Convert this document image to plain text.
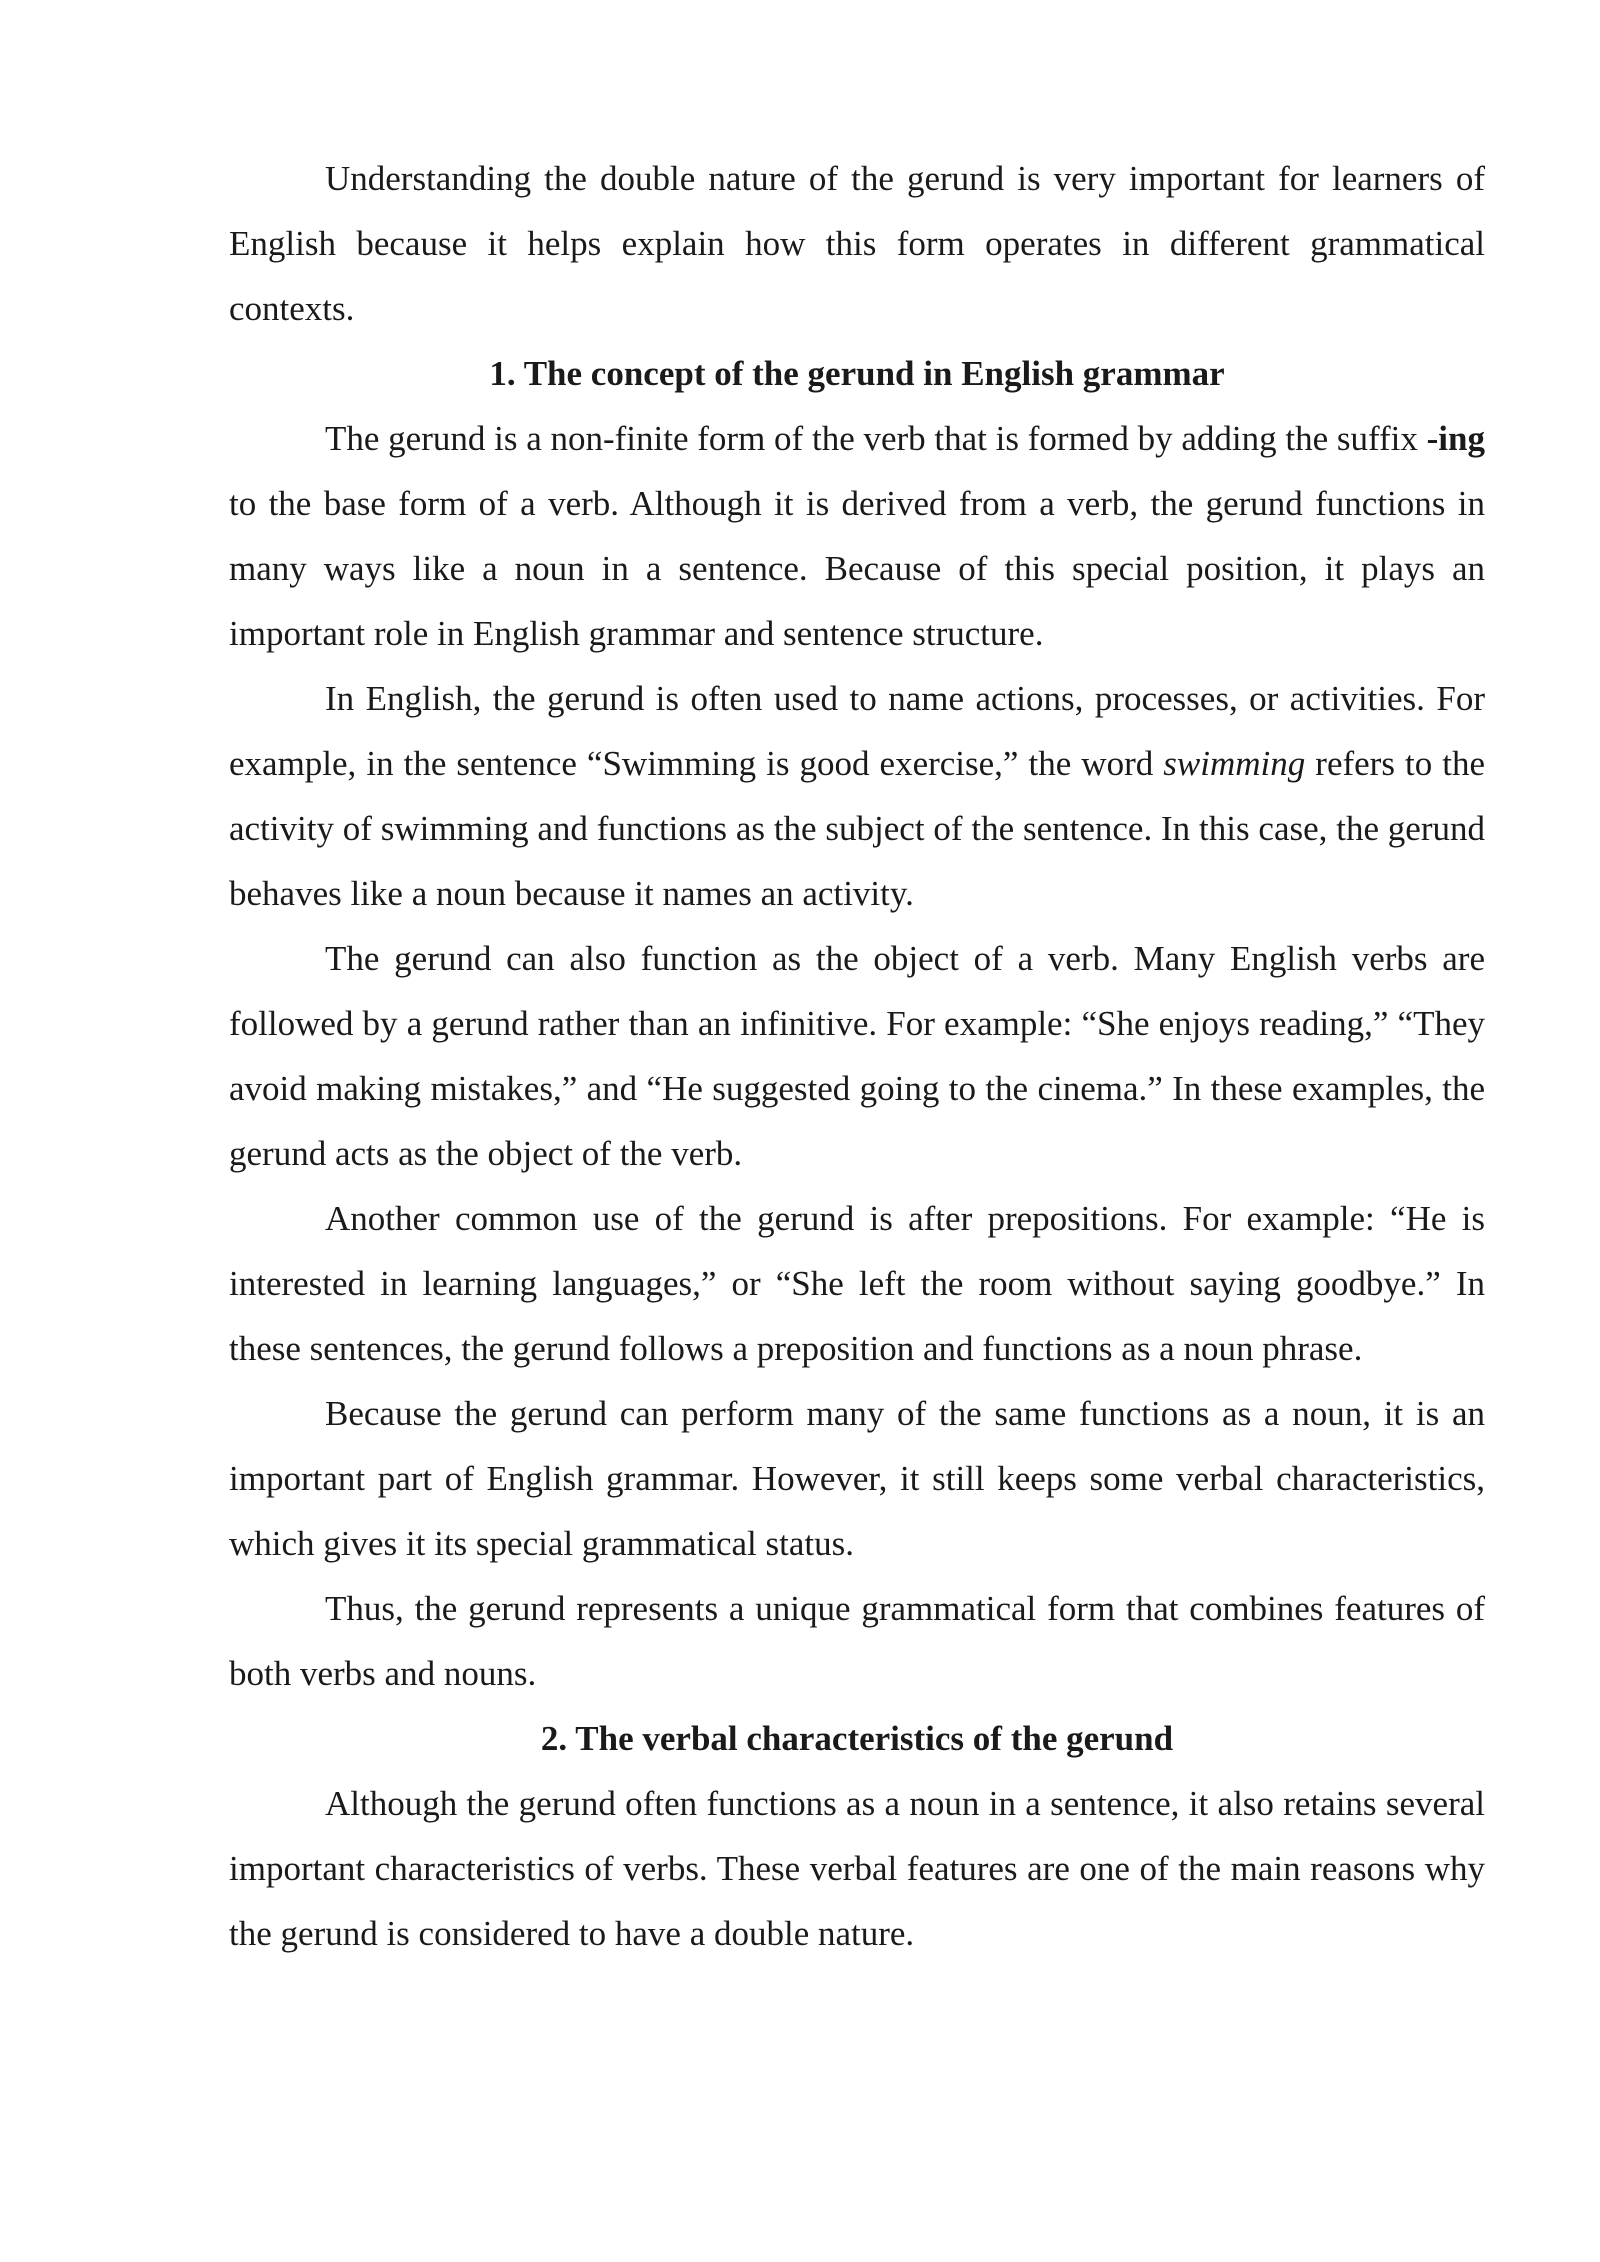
Understanding the double nature of the gerund is very important for learners of English because it helps explain how this form operates in different grammatical contexts.

1. The concept of the gerund in English grammar

The gerund is a non-finite form of the verb that is formed by adding the suffix -ing to the base form of a verb. Although it is derived from a verb, the gerund functions in many ways like a noun in a sentence. Because of this special position, it plays an important role in English grammar and sentence structure.

In English, the gerund is often used to name actions, processes, or activities. For example, in the sentence “Swimming is good exercise,” the word swimming refers to the activity of swimming and functions as the subject of the sentence. In this case, the gerund behaves like a noun because it names an activity.

The gerund can also function as the object of a verb. Many English verbs are followed by a gerund rather than an infinitive. For example: “She enjoys reading,” “They avoid making mistakes,” and “He suggested going to the cinema.” In these examples, the gerund acts as the object of the verb.

Another common use of the gerund is after prepositions. For example: “He is interested in learning languages,” or “She left the room without saying goodbye.” In these sentences, the gerund follows a preposition and functions as a noun phrase.

Because the gerund can perform many of the same functions as a noun, it is an important part of English grammar. However, it still keeps some verbal characteristics, which gives it its special grammatical status.

Thus, the gerund represents a unique grammatical form that combines features of both verbs and nouns.

2. The verbal characteristics of the gerund

Although the gerund often functions as a noun in a sentence, it also retains several important characteristics of verbs. These verbal features are one of the main reasons why the gerund is considered to have a double nature.
